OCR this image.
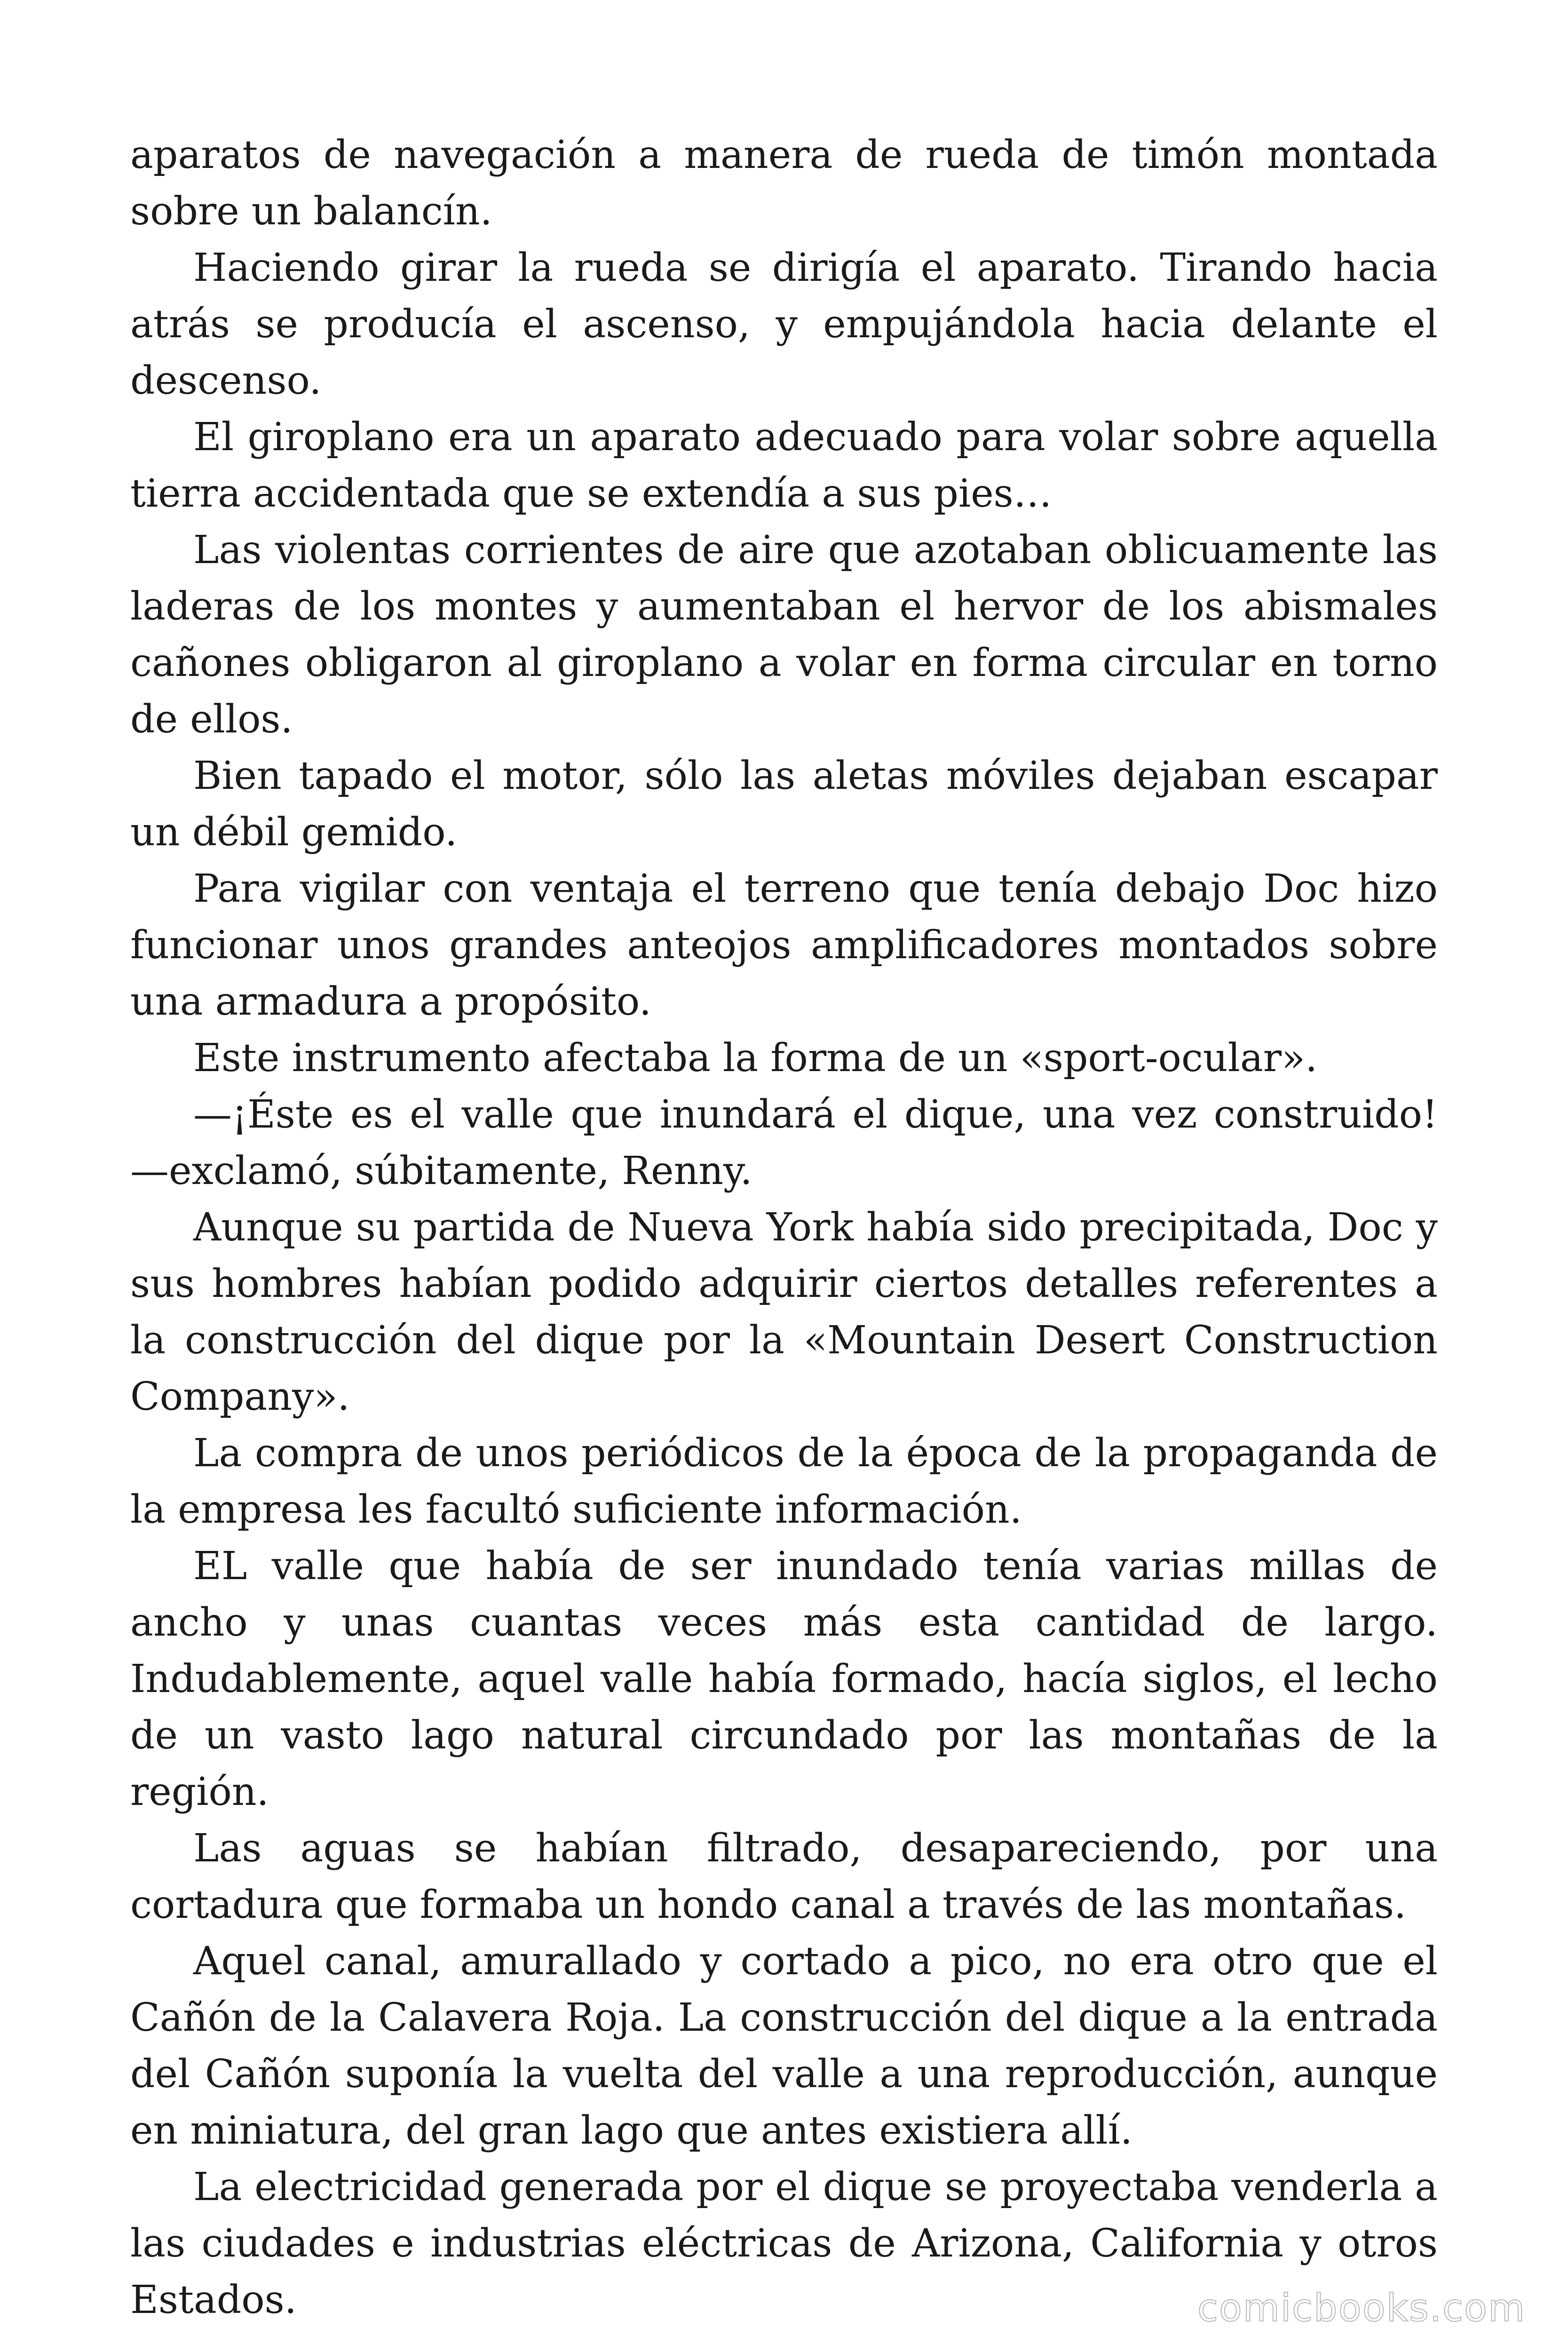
aparatos de navegación a manera de rueda de timón montada sobre un balancín.

Haciendo girar la rueda se dirigía el aparato. Tirando hacia atrás se producía el ascenso, y empujándola hacia delante el descenso.

El giroplano era un aparato adecuado para volar sobre aquella tierra accidentada que se extendía a sus pies…

Las violentas corrientes de aire que azotaban oblicuamente las laderas de los montes y aumentaban el hervor de los abismales cañones obligaron al giroplano a volar en forma circular en torno de ellos.

Bien tapado el motor, sólo las aletas móviles dejaban escapar un débil gemido.

Para vigilar con ventaja el terreno que tenía debajo Doc hizo funcionar unos grandes anteojos amplificadores montados sobre una armadura a propósito.

Este instrumento afectaba la forma de un «sport-ocular».

—¡Éste es el valle que inundará el dique, una vez construido! —exclamó, súbitamente, Renny.

Aunque su partida de Nueva York había sido precipitada, Doc y sus hombres habían podido adquirir ciertos detalles referentes a la construcción del dique por la «Mountain Desert Construction Company».

La compra de unos periódicos de la época de la propaganda de la empresa les facultó suficiente información.

EL valle que había de ser inundado tenía varias millas de ancho y unas cuantas veces más esta cantidad de largo. Indudablemente, aquel valle había formado, hacía siglos, el lecho de un vasto lago natural circundado por las montañas de la región.

Las aguas se habían filtrado, desapareciendo, por una cortadura que formaba un hondo canal a través de las montañas.

Aquel canal, amurallado y cortado a pico, no era otro que el Cañón de la Calavera Roja. La construcción del dique a la entrada del Cañón suponía la vuelta del valle a una reproducción, aunque en miniatura, del gran lago que antes existiera allí.

La electricidad generada por el dique se proyectaba venderla a las ciudades e industrias eléctricas de Arizona, California y otros Estados.	comicbooks.com
